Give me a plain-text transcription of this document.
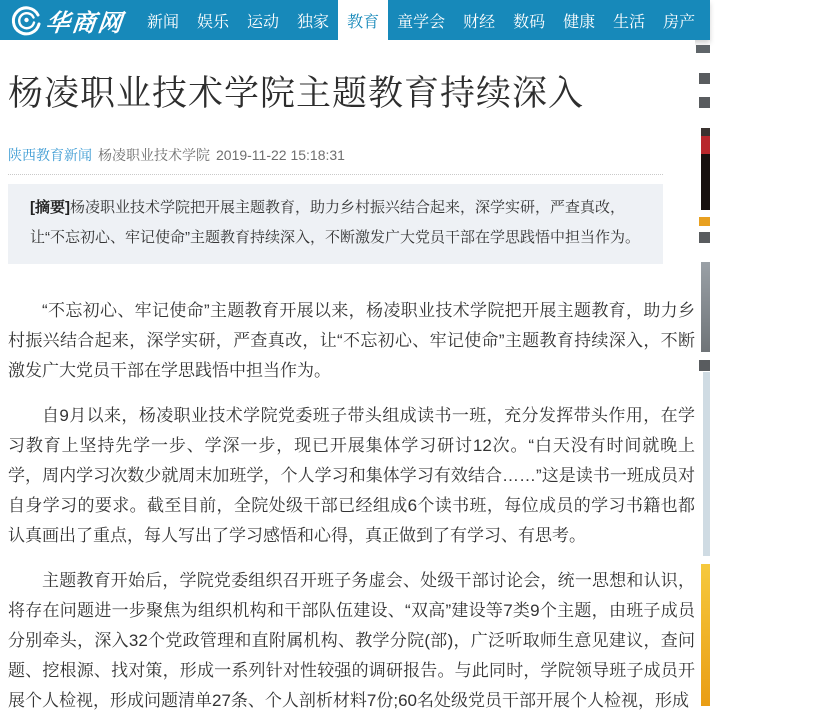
华商网	新闻	娱乐	运动	独家	教育	童学会	财经	数码	健康	生活	房产	政企	城事智
杨凌职业技术学院主题教育持续深入
陕西教育新闻 杨凌职业技术学院 2019-11-22 15:18:31
[摘要]杨凌职业技术学院把开展主题教育，助力乡村振兴结合起来，深学实研，严查真改，让“不忘初心、牢记使命”主题教育持续深入，不断激发广大党员干部在学思践悟中担当作为。

“不忘初心、牢记使命”主题教育开展以来，杨凌职业技术学院把开展主题教育，助力乡村振兴结合起来，深学实研，严查真改，让“不忘初心、牢记使命”主题教育持续深入，不断激发广大党员干部在学思践悟中担当作为。

自9月以来，杨凌职业技术学院党委班子带头组成读书一班，充分发挥带头作用，在学习教育上坚持先学一步、学深一步，现已开展集体学习研讨12次。“白天没有时间就晚上学，周内学习次数少就周末加班学，个人学习和集体学习有效结合……”这是读书一班成员对自身学习的要求。截至目前，全院处级干部已经组成6个读书班，每位成员的学习书籍也都认真画出了重点，每人写出了学习感悟和心得，真正做到了有学习、有思考。

主题教育开始后，学院党委组织召开班子务虚会、处级干部讨论会，统一思想和认识，将存在问题进一步聚焦为组织机构和干部队伍建设、“双高”建设等7类9个主题，由班子成员分别牵头，深入32个党政管理和直附属机构、教学分院(部)，广泛听取师生意见建议，查问题、挖根源、找对策，形成一系列针对性较强的调研报告。与此同时，学院领导班子成员开展个人检视，形成问题清单27条、个人剖析材料7份;60名处级党员干部开展个人检视，形成
